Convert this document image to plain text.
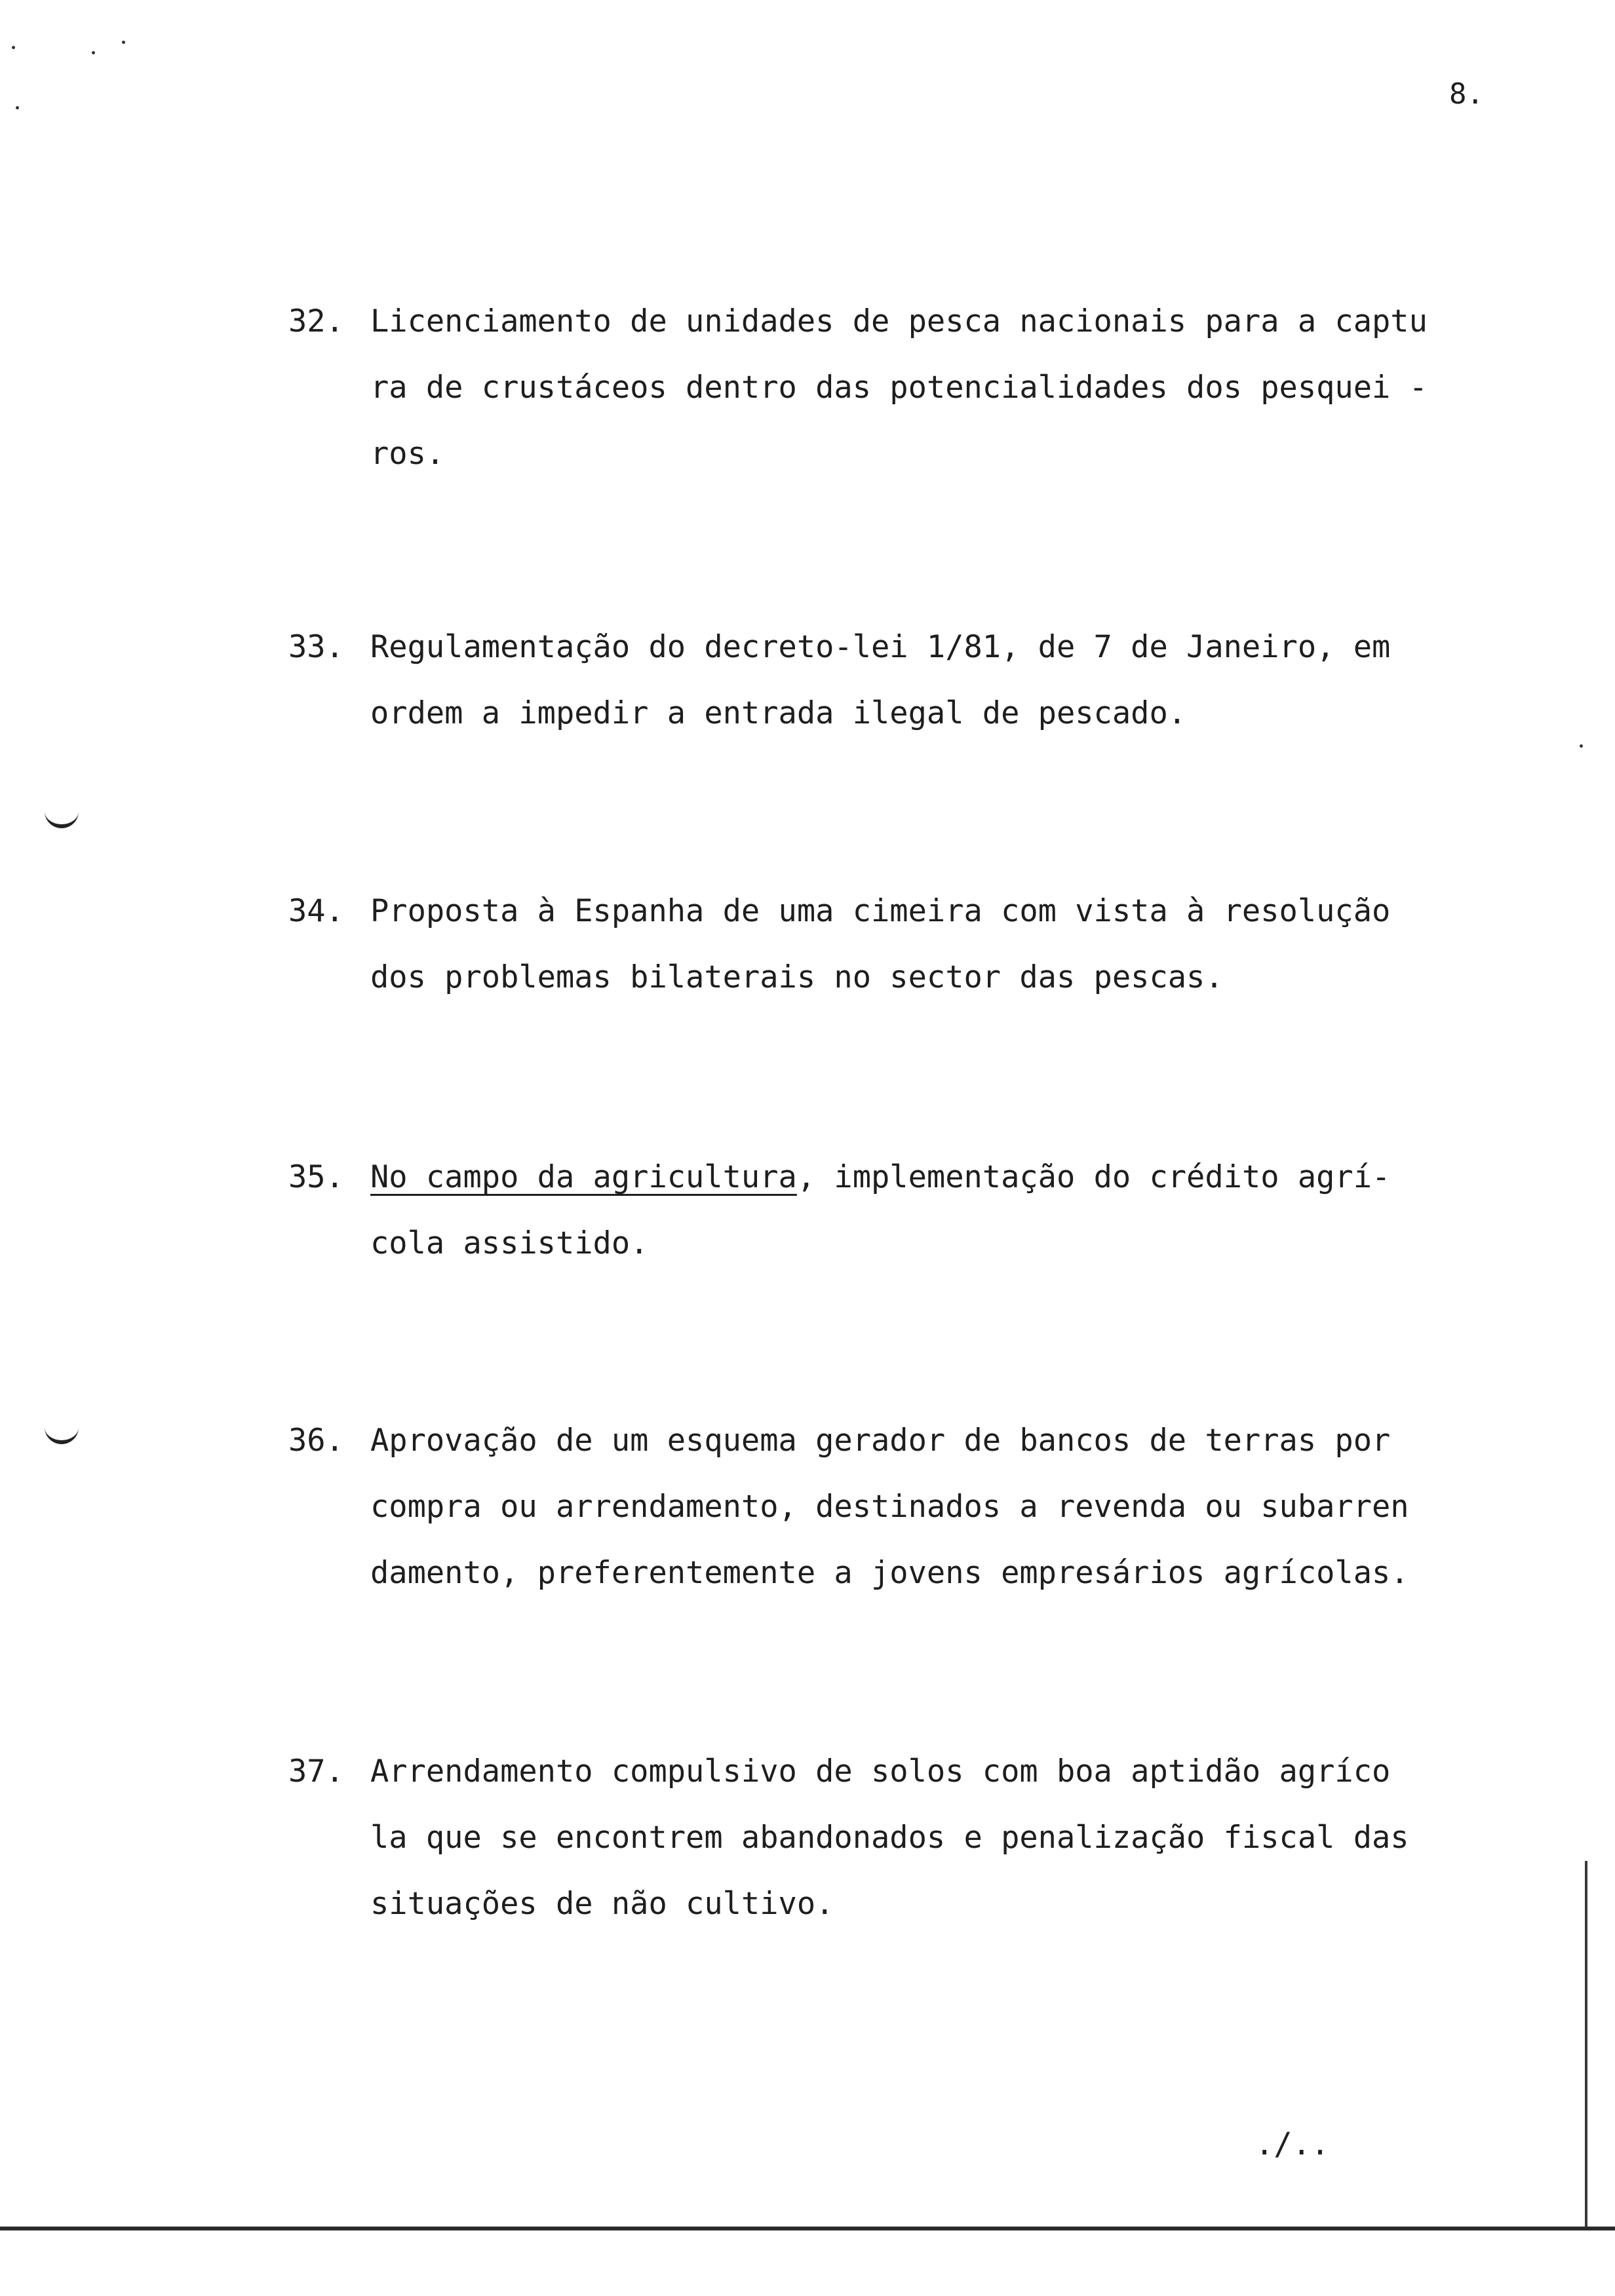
8.
32. Licenciamento de unidades de pesca nacionais para a captu
ra de crustáceos dentro das potencialidades dos pesquei -
ros.
33. Regulamentação do decreto-lei 1/81, de 7 de Janeiro, em
ordem a impedir a entrada ilegal de pescado.
34. Proposta à Espanha de uma cimeira com vista à resolução
dos problemas bilaterais no sector das pescas.
35. No campo da agricultura, implementação do crédito agrí-
cola assistido.
36. Aprovação de um esquema gerador de bancos de terras por
compra ou arrendamento, destinados a revenda ou subarren
damento, preferentemente a jovens empresários agrícolas.
37. Arrendamento compulsivo de solos com boa aptidão agríco
la que se encontrem abandonados e penalização fiscal das
situações de não cultivo.
./..
